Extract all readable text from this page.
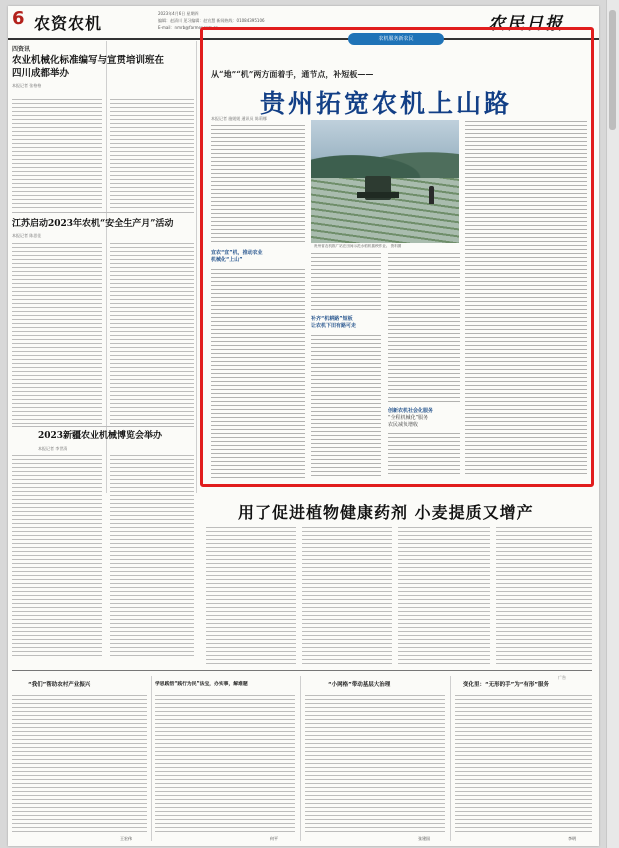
6 农资农机
2023年4月6日 星期四
编辑：赵清川 见习编辑：赵宣慧 新闻热线：01084395106
E-mail：nmrb@farmer.com.cn	农民日报
四资讯
农业机械化标准编写与宣贯培训班在
四川成都举办
本报记者 张格格
江苏启动2023年农机“安全生产月”活动
本报记者 陈思佳
2023新疆农业机械博览会举办
本报记者 李世清
农机服务新农民
从“地”“机”两方面着手，通节点，补短板——
贵州拓宽农机上山路
本报记者 施媛媛 通讯员 陈莉娜
贵州省农机推广站在田间示范水稻机插秧作业。 资料图
宜农“宜”机，推动农业
机械化“上山”
补齐“机耕路”短板
让农机下田有路可走
创新农机社会化服务
“全程机械化”服务
农民减负增收
用了促进植物健康药剂 小麦提质又增产
广告
“我们”帮助农村产业振兴
王宏伟
学思践悟“践行为民”法宝，办实事，解难题
何平
“小网格”带动基层大治理
张建国
变化里：“无形的手”为“有形”服务
李明
